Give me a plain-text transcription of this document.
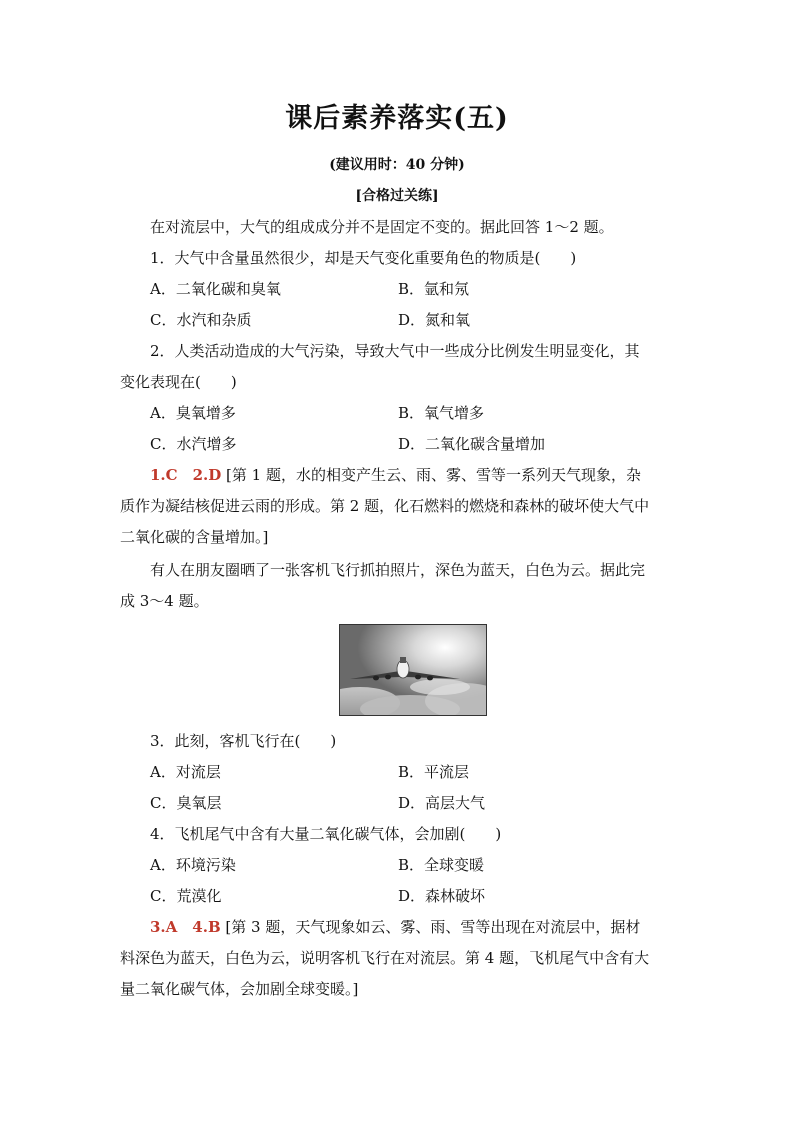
课后素养落实(五)
(建议用时：40 分钟)
[合格过关练]
在对流层中，大气的组成成分并不是固定不变的。据此回答 1～2 题。
1．大气中含量虽然很少，却是天气变化重要角色的物质是(　　)
A．二氧化碳和臭氧	B．氩和氖
C．水汽和杂质	D．氮和氧
2．人类活动造成的大气污染，导致大气中一些成分比例发生明显变化，其
变化表现在(　　)
A．臭氧增多	B．氧气增多
C．水汽增多	D．二氧化碳含量增加
1.C　2.D [第 1 题，水的相变产生云、雨、雾、雪等一系列天气现象，杂
质作为凝结核促进云雨的形成。第 2 题，化石燃料的燃烧和森林的破坏使大气中
二氧化碳的含量增加。]
有人在朋友圈晒了一张客机飞行抓拍照片，深色为蓝天，白色为云。据此完
成 3～4 题。
3．此刻，客机飞行在(　　)
A．对流层	B．平流层
C．臭氧层	D．高层大气
4．飞机尾气中含有大量二氧化碳气体，会加剧(　　)
A．环境污染	B．全球变暖
C．荒漠化	D．森林破坏
3.A　4.B [第 3 题，天气现象如云、雾、雨、雪等出现在对流层中，据材
料深色为蓝天，白色为云，说明客机飞行在对流层。第 4 题，飞机尾气中含有大
量二氧化碳气体，会加剧全球变暖。]
